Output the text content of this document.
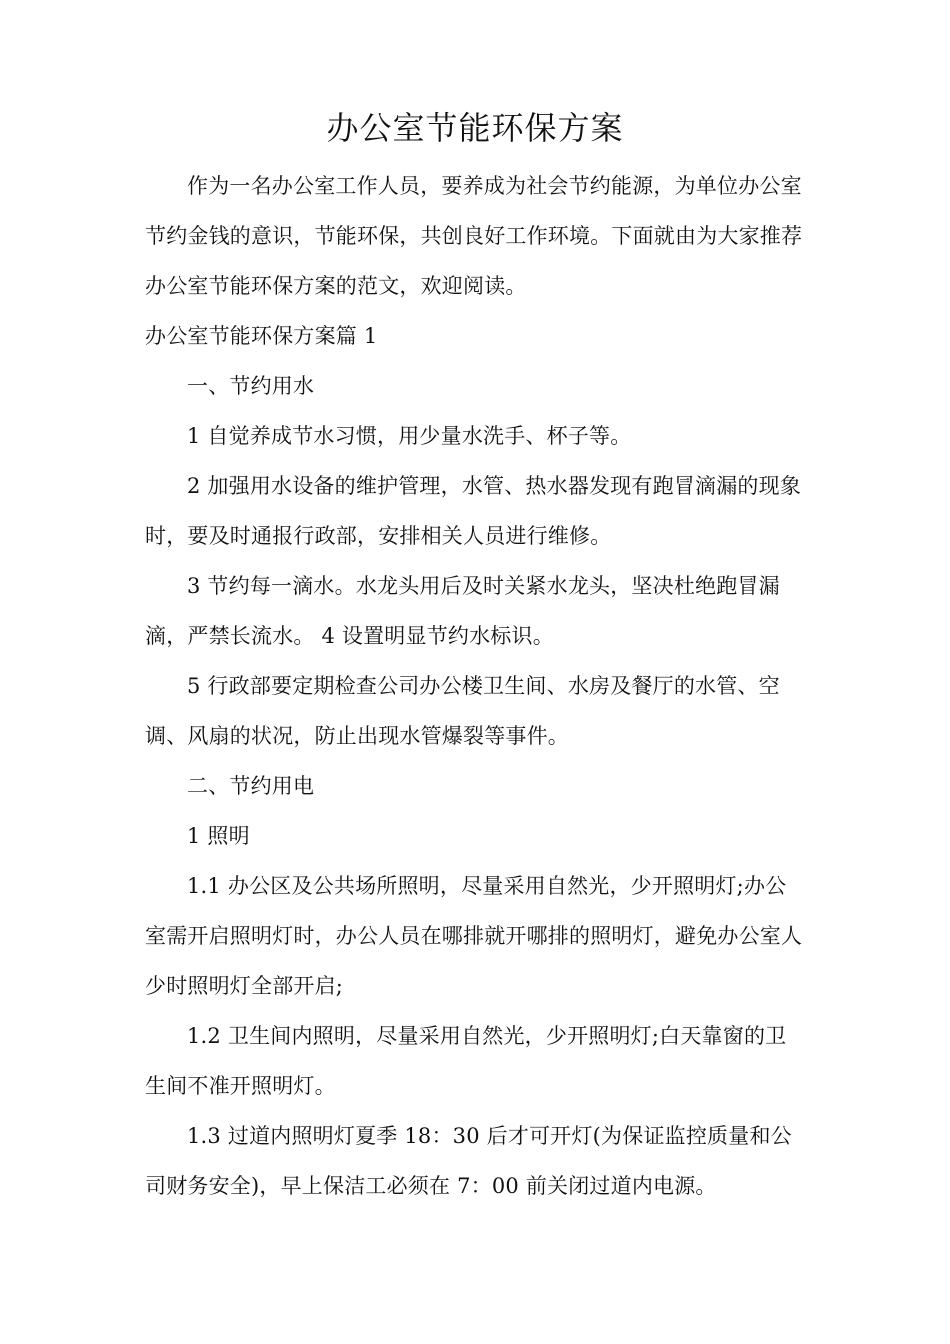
办公室节能环保方案

作为一名办公室工作人员，要养成为社会节约能源，为单位办公室节约金钱的意识，节能环保，共创良好工作环境。下面就由为大家推荐办公室节能环保方案的范文，欢迎阅读。

办公室节能环保方案篇 1

一、节约用水

1 自觉养成节水习惯，用少量水洗手、杯子等。

2 加强用水设备的维护管理，水管、热水器发现有跑冒滴漏的现象时，要及时通报行政部，安排相关人员进行维修。

3 节约每一滴水。水龙头用后及时关紧水龙头，坚决杜绝跑冒漏滴，严禁长流水。 4 设置明显节约水标识。

5 行政部要定期检查公司办公楼卫生间、水房及餐厅的水管、空调、风扇的状况，防止出现水管爆裂等事件。

二、节约用电

1 照明

1.1 办公区及公共场所照明，尽量采用自然光，少开照明灯;办公室需开启照明灯时，办公人员在哪排就开哪排的照明灯，避免办公室人少时照明灯全部开启;

1.2 卫生间内照明，尽量采用自然光，少开照明灯;白天靠窗的卫生间不准开照明灯。

1.3 过道内照明灯夏季 18：30 后才可开灯(为保证监控质量和公司财务安全)，早上保洁工必须在 7：00 前关闭过道内电源。
